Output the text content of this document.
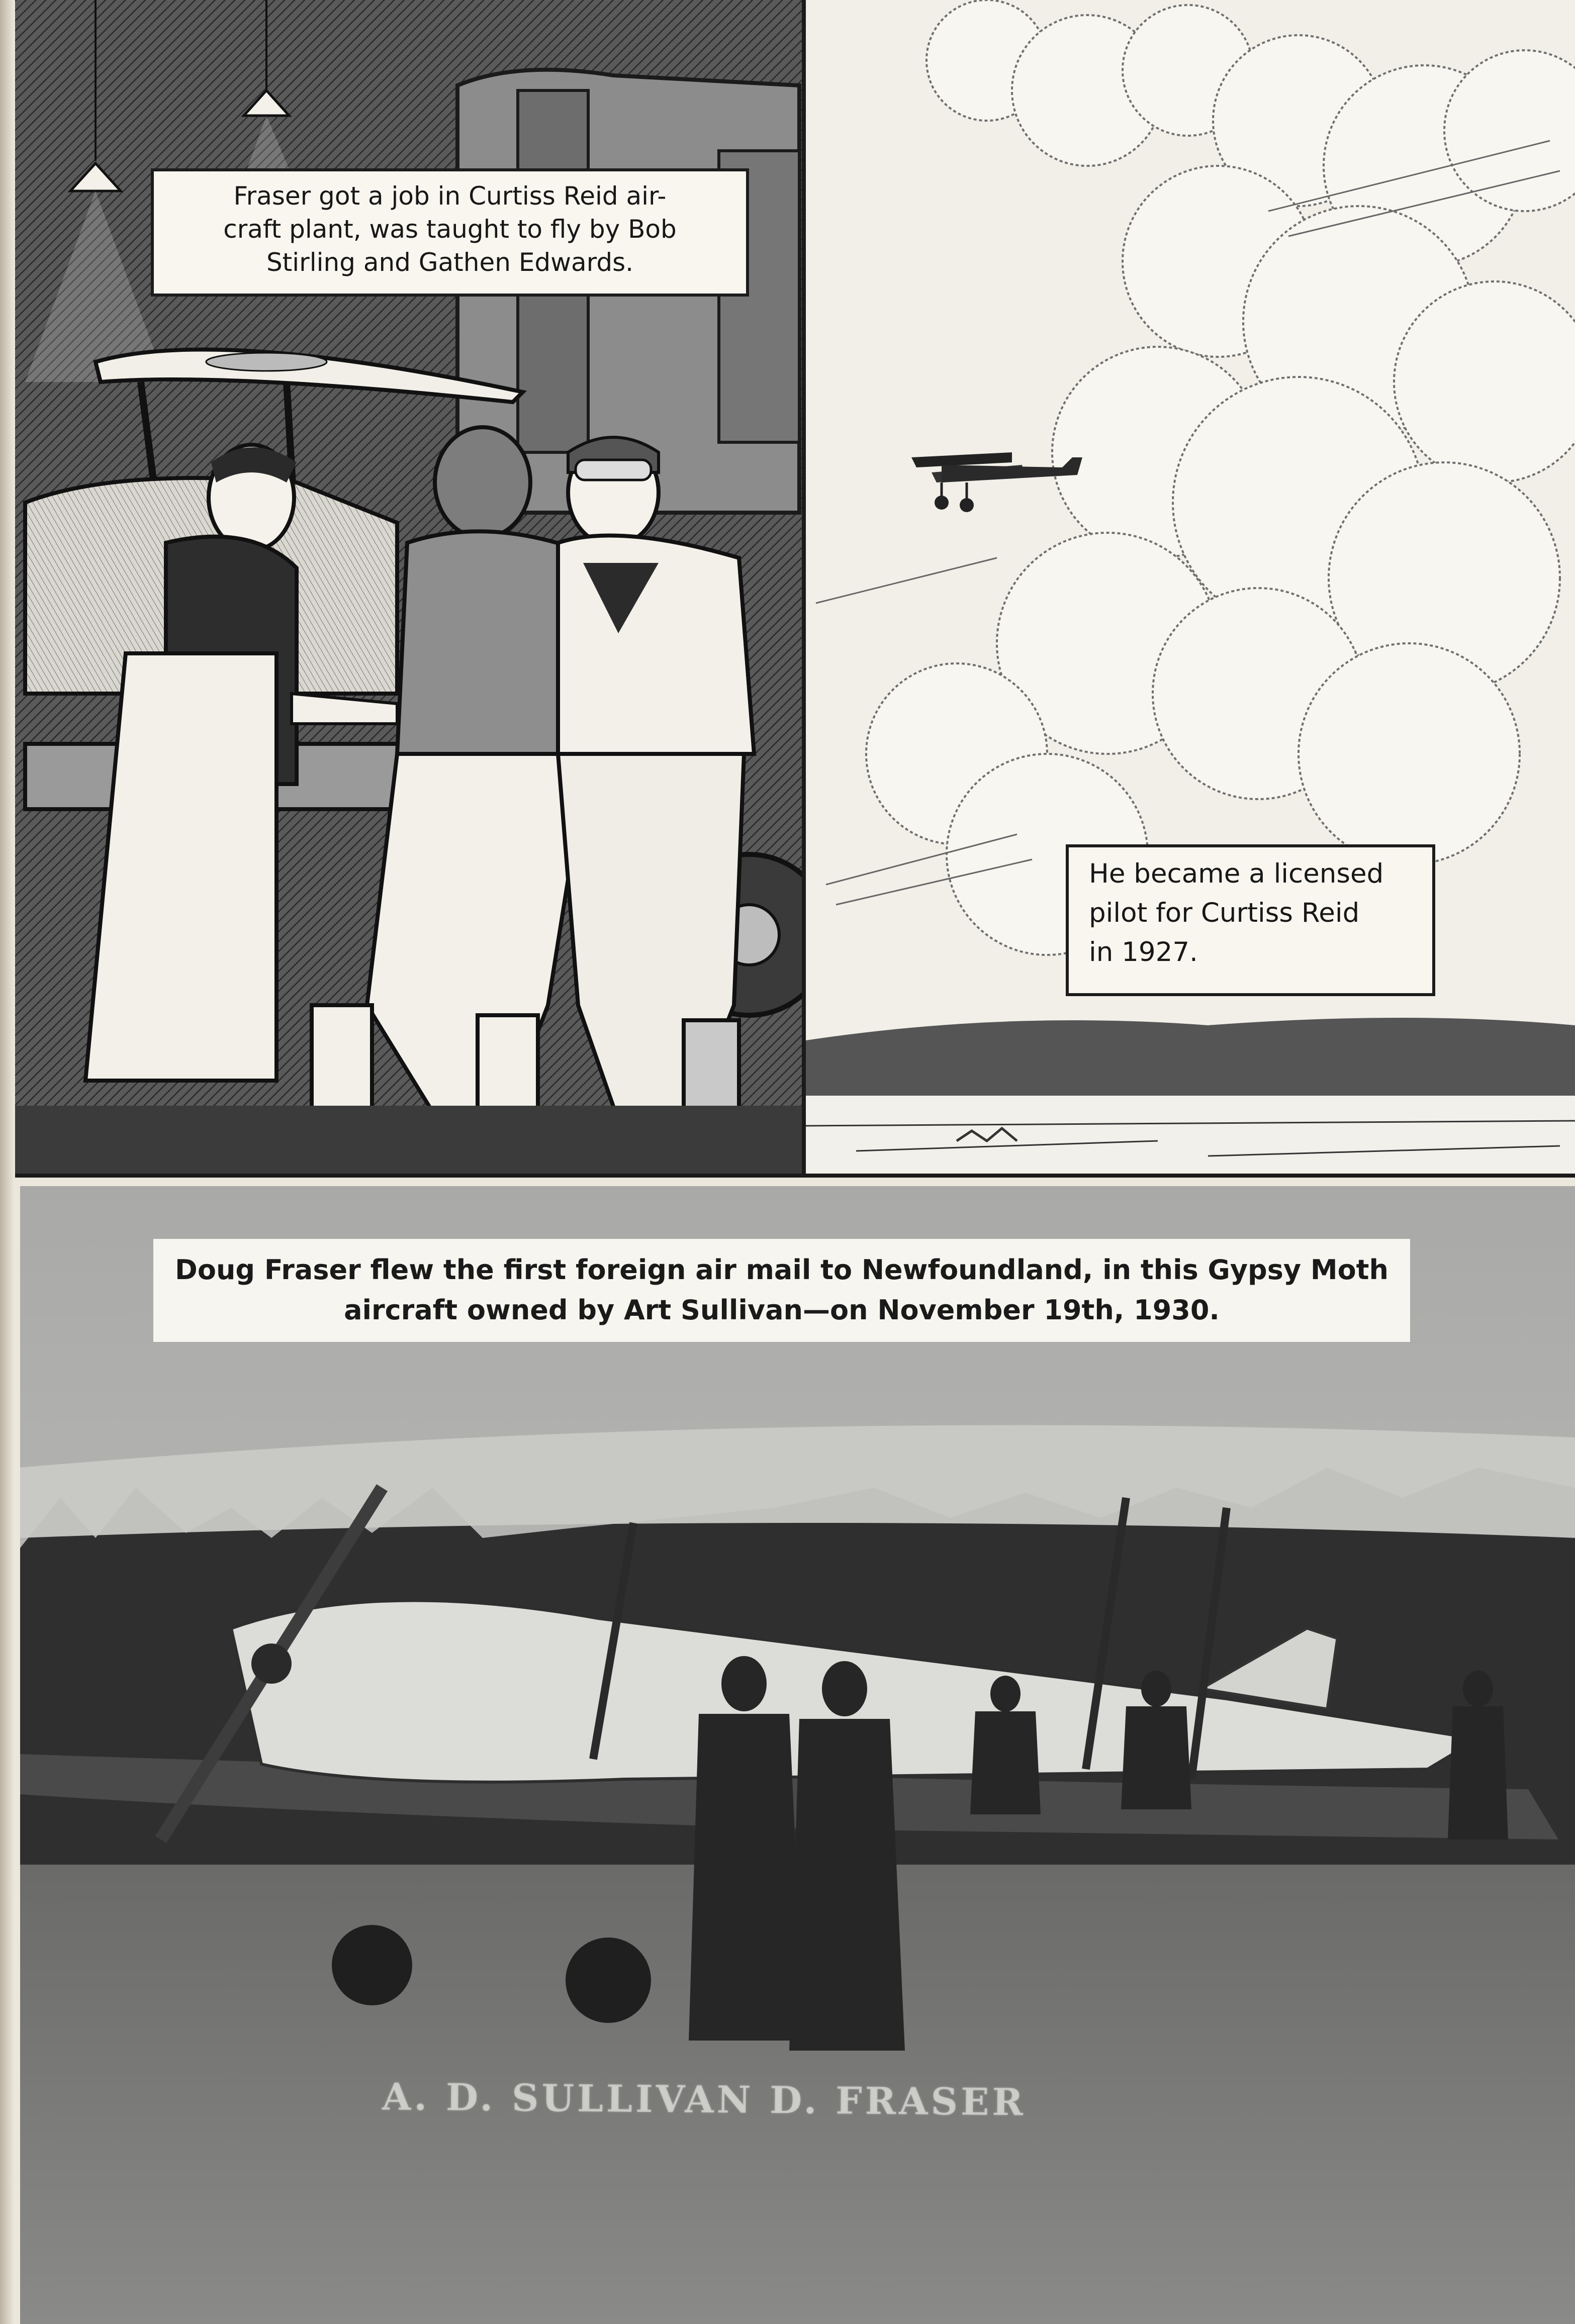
Fraser got a job in Curtiss Reid air-
craft plant, was taught to fly by Bob
Stirling and Gathen Edwards.
He became a licensed
pilot for Curtiss Reid
in 1927.
Doug Fraser flew the first foreign air mail to Newfoundland, in this Gypsy Moth
aircraft owned by Art Sullivan—on November 19th, 1930.
A. D. SULLIVAN D. FRASER
